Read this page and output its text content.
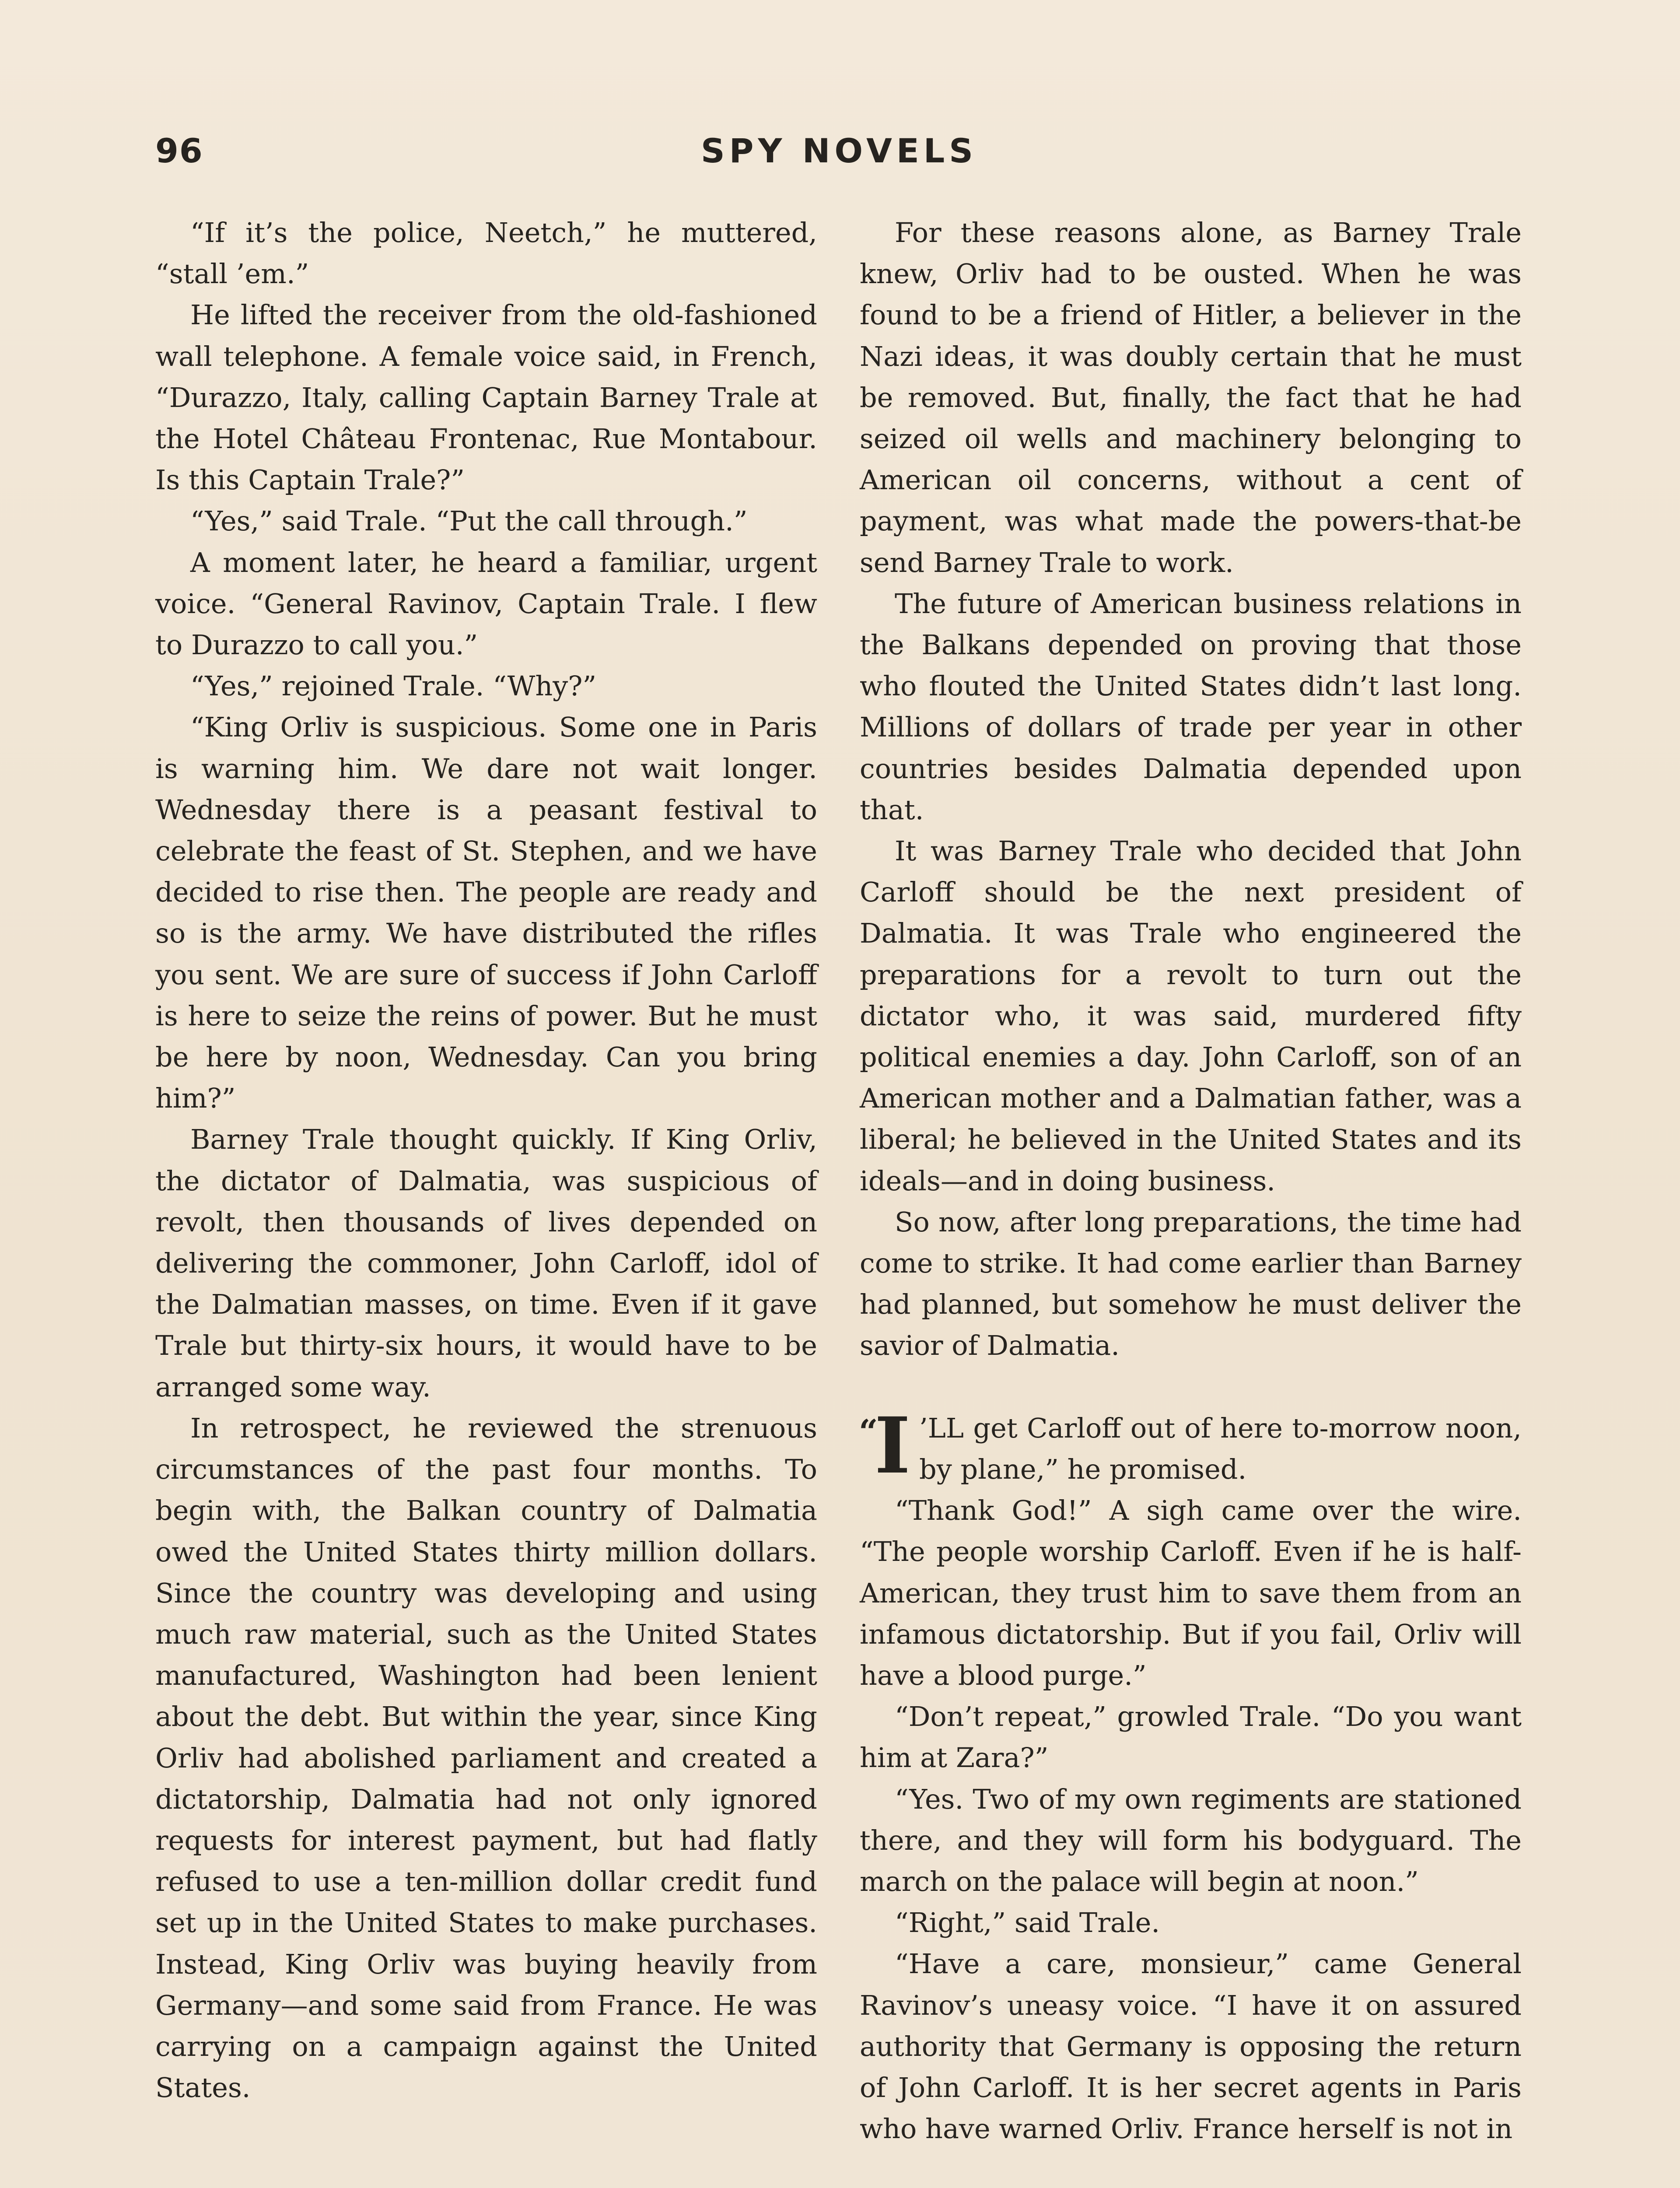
96	SPY NOVELS

“If it’s the police, Neetch,” he muttered, “stall ’em.”

He lifted the receiver from the old-fashioned wall telephone. A female voice said, in French, “Durazzo, Italy, calling Captain Barney Trale at the Hotel Château Frontenac, Rue Montabour. Is this Captain Trale?”

“Yes,” said Trale. “Put the call through.”

A moment later, he heard a familiar, urgent voice. “General Ravinov, Captain Trale. I flew to Durazzo to call you.”

“Yes,” rejoined Trale. “Why?”

“King Orliv is suspicious. Some one in Paris is warning him. We dare not wait longer. Wednesday there is a peasant festival to celebrate the feast of St. Stephen, and we have decided to rise then. The people are ready and so is the army. We have distributed the rifles you sent. We are sure of success if John Carloff is here to seize the reins of power. But he must be here by noon, Wednesday. Can you bring him?”

Barney Trale thought quickly. If King Orliv, the dictator of Dalmatia, was suspicious of revolt, then thousands of lives depended on delivering the commoner, John Carloff, idol of the Dalmatian masses, on time. Even if it gave Trale but thirty-six hours, it would have to be arranged some way.

In retrospect, he reviewed the strenuous circumstances of the past four months. To begin with, the Balkan country of Dalmatia owed the United States thirty million dollars. Since the country was developing and using much raw material, such as the United States manufactured, Washington had been lenient about the debt. But within the year, since King Orliv had abolished parliament and created a dictatorship, Dalmatia had not only ignored requests for interest payment, but had flatly refused to use a ten-million dollar credit fund set up in the United States to make purchases. Instead, King Orliv was buying heavily from Germany—and some said from France. He was carrying on a campaign against the United States.

For these reasons alone, as Barney Trale knew, Orliv had to be ousted. When he was found to be a friend of Hitler, a believer in the Nazi ideas, it was doubly certain that he must be removed. But, finally, the fact that he had seized oil wells and machinery belonging to American oil concerns, without a cent of payment, was what made the powers-that-be send Barney Trale to work.

The future of American business relations in the Balkans depended on proving that those who flouted the United States didn’t last long. Millions of dollars of trade per year in other countries besides Dalmatia depended upon that.

It was Barney Trale who decided that John Carloff should be the next president of Dalmatia. It was Trale who engineered the preparations for a revolt to turn out the dictator who, it was said, murdered fifty political enemies a day. John Carloff, son of an American mother and a Dalmatian father, was a liberal; he believed in the United States and its ideals—and in doing business.

So now, after long preparations, the time had come to strike. It had come earlier than Barney had planned, but somehow he must deliver the savior of Dalmatia.

“
I ’LL get Carloff out of here to-morrow noon, by plane,” he promised.

“Thank God!” A sigh came over the wire. “The people worship Carloff. Even if he is half-American, they trust him to save them from an infamous dictatorship. But if you fail, Orliv will have a blood purge.”

“Don’t repeat,” growled Trale. “Do you want him at Zara?”

“Yes. Two of my own regiments are stationed there, and they will form his bodyguard. The march on the palace will begin at noon.”

“Right,” said Trale.

“Have a care, monsieur,” came General Ravinov’s uneasy voice. “I have it on assured authority that Germany is opposing the return of John Carloff. It is her secret agents in Paris who have warned Orliv. France herself is not in
